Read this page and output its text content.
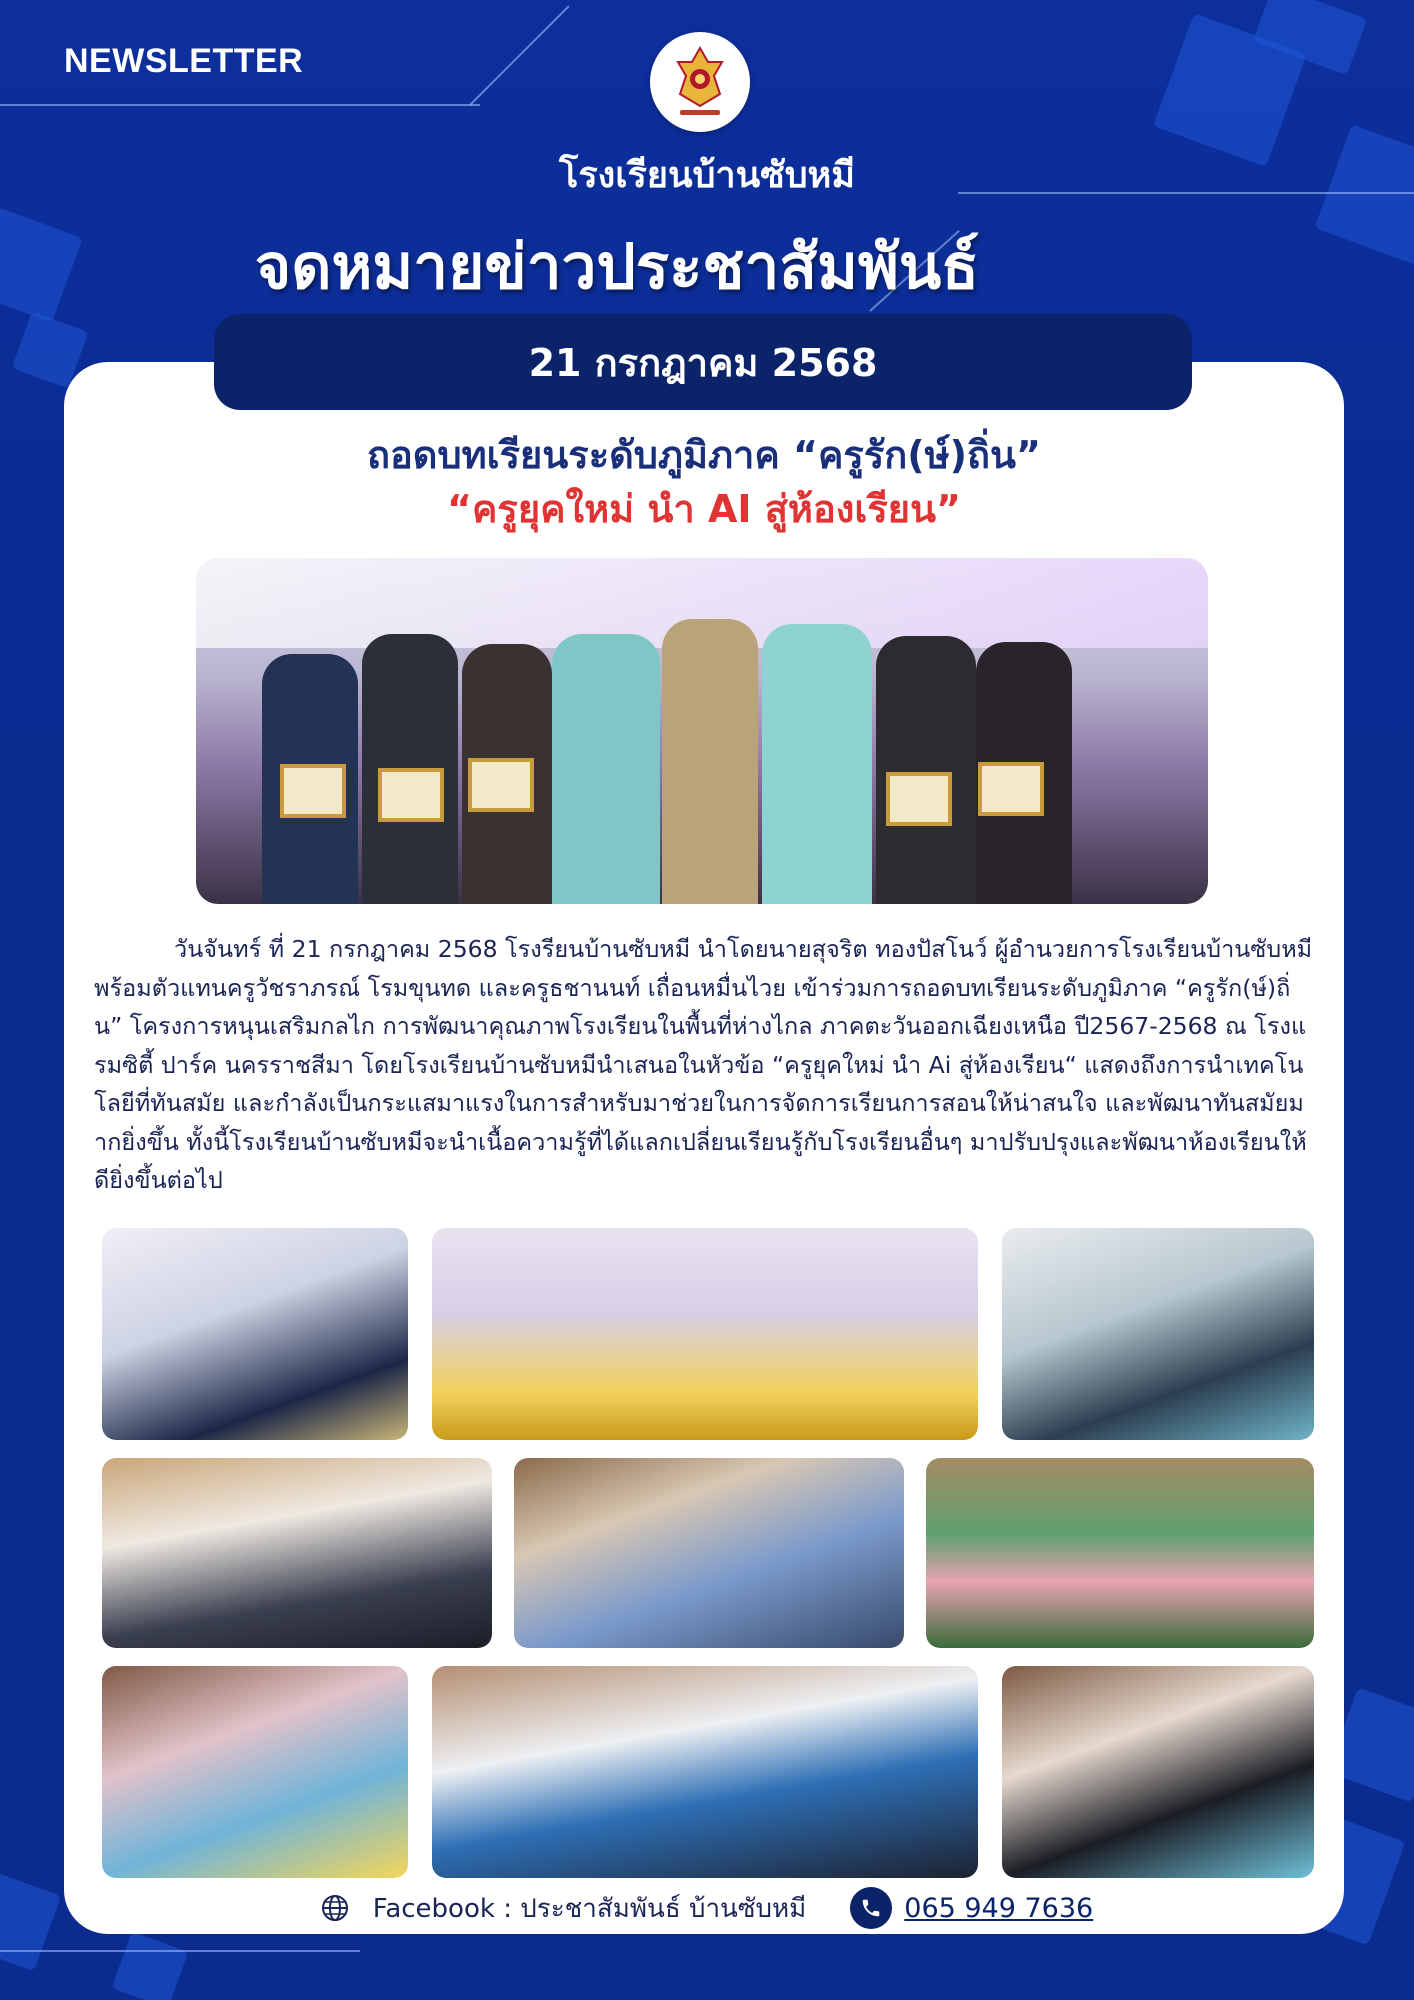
NEWSLETTER
โรงเรียนบ้านซับหมี
จดหมายข่าวประชาสัมพันธ์
21 กรกฎาคม 2568
ถอดบทเรียนระดับภูมิภาค “ครูรัก(ษ์)ถิ่น”
“ครูยุคใหม่ นำ AI สู่ห้องเรียน”
วันจันทร์ ที่ 21 กรกฎาคม 2568 โรงรียนบ้านซับหมี นำโดยนายสุจริต ทองปัสโนว์ ผู้อำนวยการโรงเรียนบ้านซับหมี พร้อมตัวแทนครูวัชราภรณ์ โรมขุนทด และครูธชานนท์ เถื่อนหมื่นไวย เข้าร่วมการถอดบทเรียนระดับภูมิภาค “ครูรัก(ษ์)ถิ่น” โครงการหนุนเสริมกลไก การพัฒนาคุณภาพโรงเรียนในพื้นที่ห่างไกล ภาคตะวันออกเฉียงเหนือ ปี2567-2568 ณ โรงแรมซิตี้ ปาร์ค นครราชสีมา โดยโรงเรียนบ้านซับหมีนำเสนอในหัวข้อ “ครูยุคใหม่ นำ Ai สู่ห้องเรียน“ แสดงถึงการนำเทคโนโลยีที่ทันสมัย และกำลังเป็นกระแสมาแรงในการสำหรับมาช่วยในการจัดการเรียนการสอนให้น่าสนใจ และพัฒนาทันสมัยมากยิ่งขึ้น ทั้งนี้โรงเรียนบ้านซับหมีจะนำเนื้อความรู้ที่ได้แลกเปลี่ยนเรียนรู้กับโรงเรียนอื่นๆ มาปรับปรุงและพัฒนาห้องเรียนให้ดียิ่งขึ้นต่อไป
Facebook : ประชาสัมพันธ์ บ้านซับหมี	065 949 7636
